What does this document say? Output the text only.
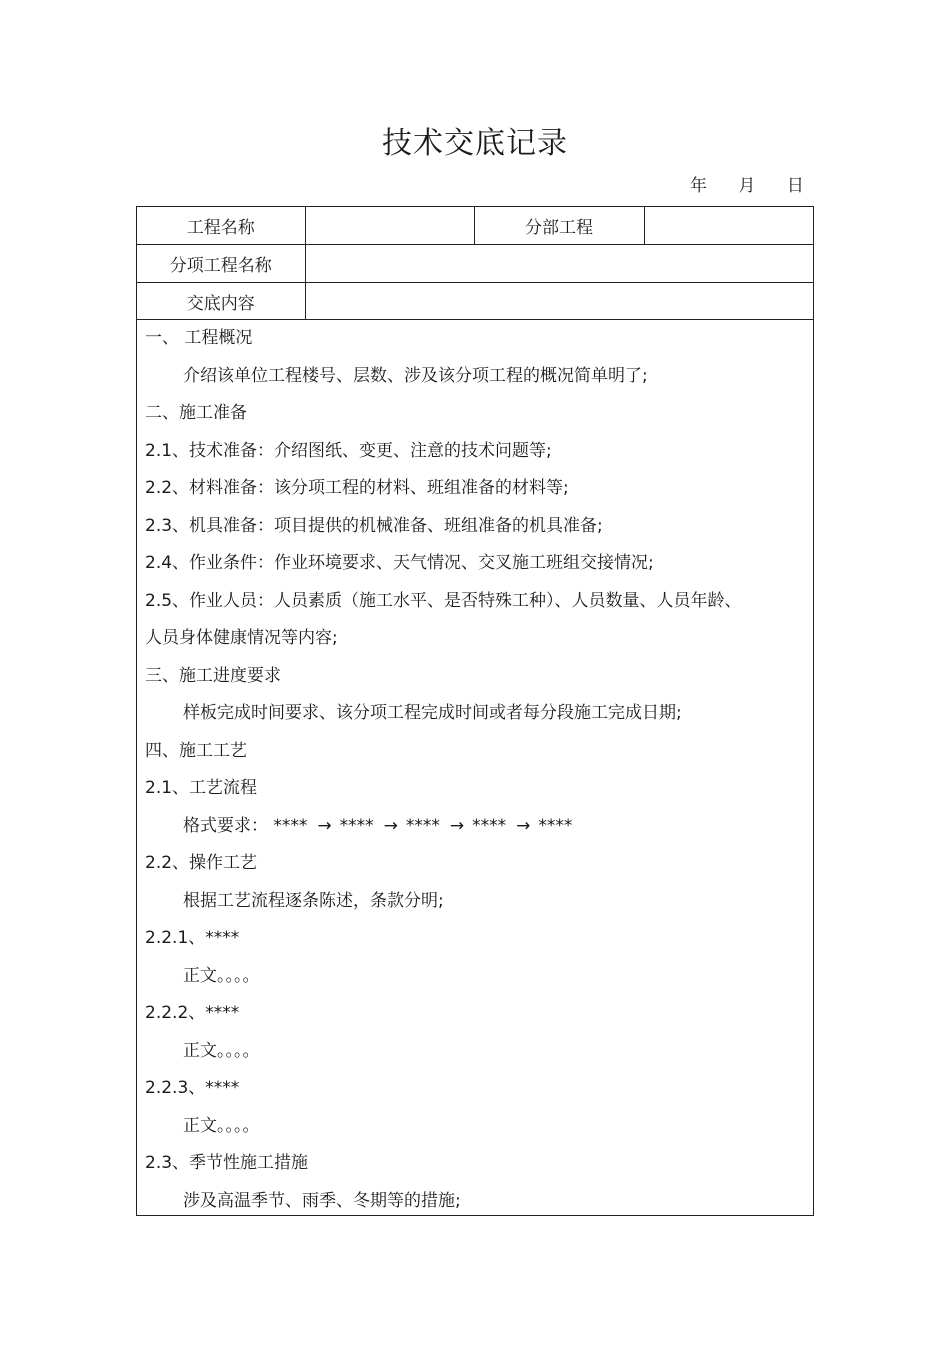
技术交底记录
年 月 日
工程名称		分部工程	
分项工程名称			
交底内容			
一、 工程概况
介绍该单位工程楼号、层数、涉及该分项工程的概况简单明了;
二、施工准备
2.1、技术准备：介绍图纸、变更、注意的技术问题等;
2.2、材料准备：该分项工程的材料、班组准备的材料等;
2.3、机具准备：项目提供的机械准备、班组准备的机具准备;
2.4、作业条件：作业环境要求、天气情况、交叉施工班组交接情况;
2.5、作业人员：人员素质（施工水平、是否特殊工种）、人员数量、人员年龄、
人员身体健康情况等内容;
三、施工进度要求
样板完成时间要求、该分项工程完成时间或者每分段施工完成日期;
四、施工工艺
2.1、工艺流程
格式要求： **** → **** → **** → **** → ****
2.2、操作工艺
根据工艺流程逐条陈述，条款分明;
2.2.1、****
正文。。。。
2.2.2、****
正文。。。。
2.2.3、****
正文。。。。
2.3、季节性施工措施
涉及高温季节、雨季、冬期等的措施;
